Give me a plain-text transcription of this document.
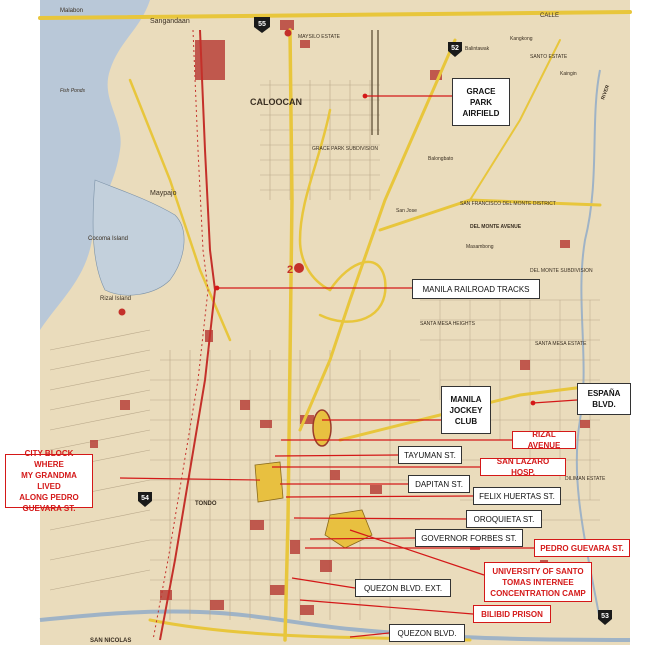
55
52
54
53
2
Sangandaan
MAYSILO ESTATE
CALOOCAN
CALLE
Balintawak
Kangkong
Kaingin
SANTO ESTATE
GRACE PARK SUBDIVISION
Malabon
Fish Ponds
Maypajo
Cocoma Island
Rizal Island
San Jose
Balongbato
SAN FRANCISCO DEL MONTE DISTRICT
DEL MONTE AVENUE
Masambong
DEL MONTE SUBDIVISION
SANTA MESA HEIGHTS
SANTA MESA ESTATE
DILIMAN ESTATE
TONDO
SAN NICOLAS
RIVER
GRACE
PARK
AIRFIELD
MANILA RAILROAD TRACKS
MANILA
JOCKEY
CLUB
ESPAÑA
BLVD.
RIZAL AVENUE
TAYUMAN ST.
CITY BLOCK WHERE
MY GRANDMA LIVED
ALONG PEDRO
GUEVARA ST.
SAN LAZARO HOSP.
DAPITAN ST.
FELIX HUERTAS ST.
OROQUIETA ST.
GOVERNOR FORBES ST.
PEDRO GUEVARA ST.
UNIVERSITY OF SANTO
TOMAS INTERNEE
CONCENTRATION CAMP
QUEZON BLVD. EXT.
BILIBID PRISON
QUEZON BLVD.
